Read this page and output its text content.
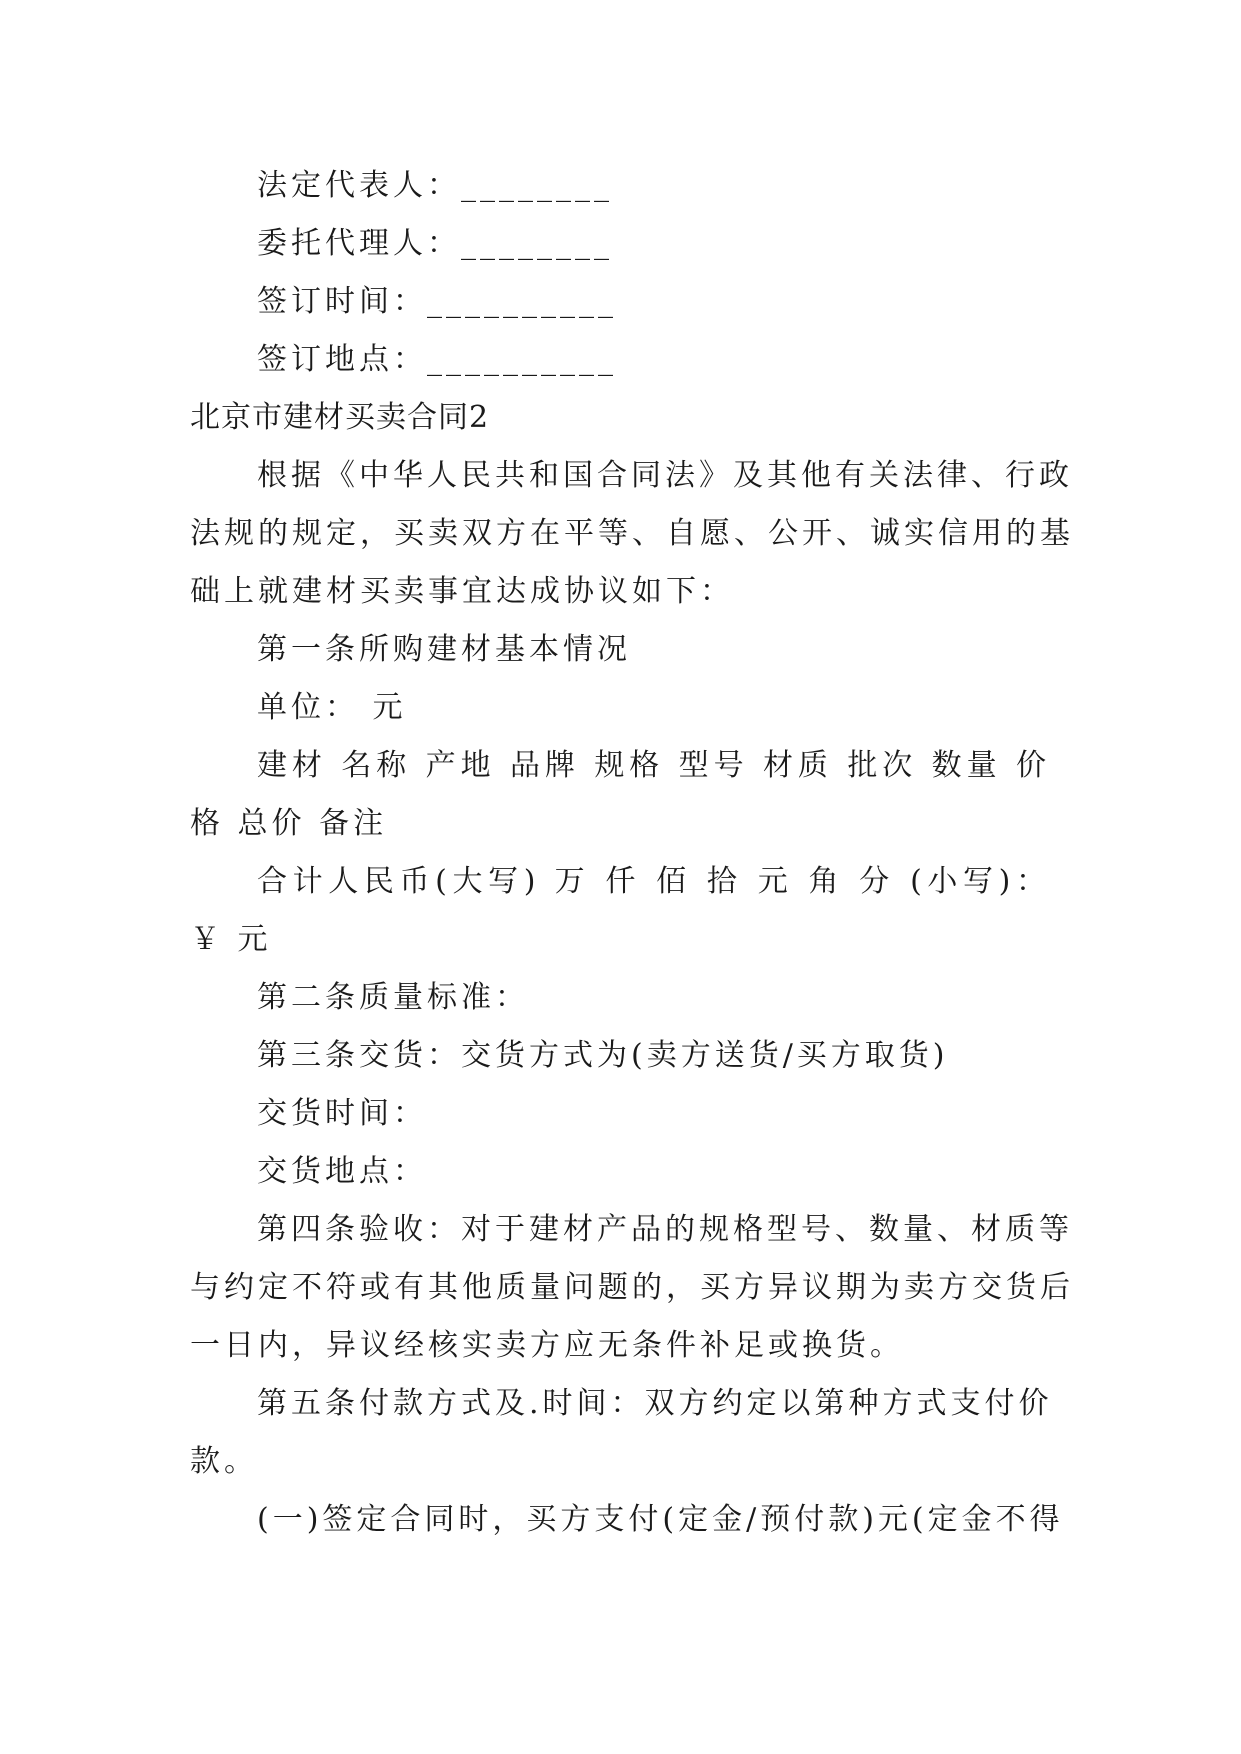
法定代表人：________
委托代理人：________
签订时间：__________
签订地点：__________
北京市建材买卖合同2
根据《中华人民共和国合同法》及其他有关法律、行政
法规的规定，买卖双方在平等、自愿、公开、诚实信用的基
础上就建材买卖事宜达成协议如下：
第一条所购建材基本情况
单位： 元
建材 名称 产地 品牌 规格 型号 材质 批次 数量 价
格 总价 备注
合计人民币(大写) 万 仟 佰 拾 元 角 分 (小写)：
￥ 元
第二条质量标准：
第三条交货：交货方式为(卖方送货/买方取货)
交货时间：
交货地点：
第四条验收：对于建材产品的规格型号、数量、材质等
与约定不符或有其他质量问题的，买方异议期为卖方交货后
一日内，异议经核实卖方应无条件补足或换货。
第五条付款方式及.时间：双方约定以第种方式支付价
款。
(一)签定合同时，买方支付(定金/预付款)元(定金不得
